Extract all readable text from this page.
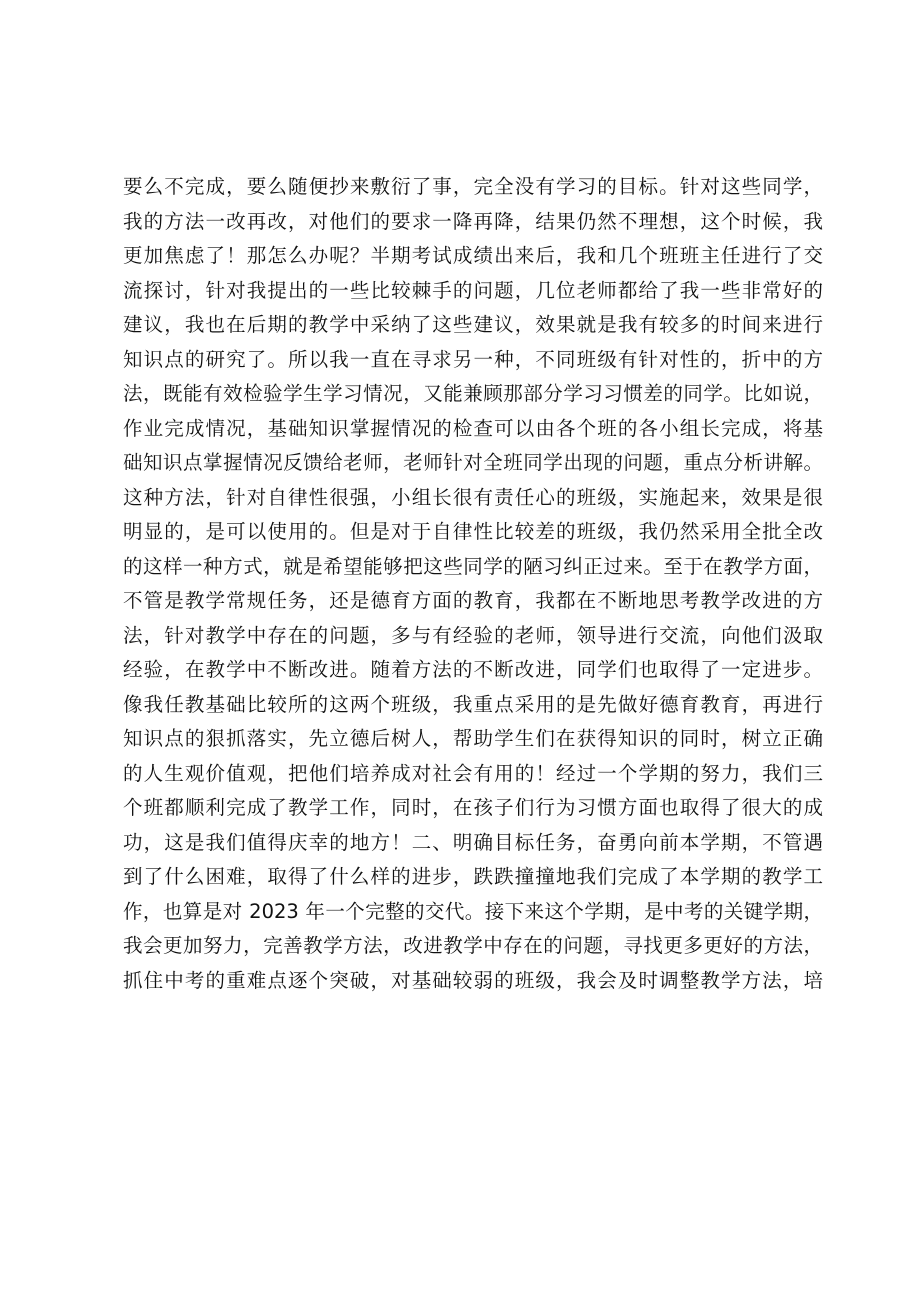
要么不完成，要么随便抄来敷衍了事，完全没有学习的目标。针对这些同学，
我的方法一改再改，对他们的要求一降再降，结果仍然不理想，这个时候，我
更加焦虑了！那怎么办呢？半期考试成绩出来后，我和几个班班主任进行了交
流探讨，针对我提出的一些比较棘手的问题，几位老师都给了我一些非常好的
建议，我也在后期的教学中采纳了这些建议，效果就是我有较多的时间来进行
知识点的研究了。所以我一直在寻求另一种，不同班级有针对性的，折中的方
法，既能有效检验学生学习情况，又能兼顾那部分学习习惯差的同学。比如说，
作业完成情况，基础知识掌握情况的检查可以由各个班的各小组长完成，将基
础知识点掌握情况反馈给老师，老师针对全班同学出现的问题，重点分析讲解。
这种方法，针对自律性很强，小组长很有责任心的班级，实施起来，效果是很
明显的，是可以使用的。但是对于自律性比较差的班级，我仍然采用全批全改
的这样一种方式，就是希望能够把这些同学的陋习纠正过来。至于在教学方面，
不管是教学常规任务，还是德育方面的教育，我都在不断地思考教学改进的方
法，针对教学中存在的问题，多与有经验的老师，领导进行交流，向他们汲取
经验，在教学中不断改进。随着方法的不断改进，同学们也取得了一定进步。
像我任教基础比较所的这两个班级，我重点采用的是先做好德育教育，再进行
知识点的狠抓落实，先立德后树人，帮助学生们在获得知识的同时，树立正确
的人生观价值观，把他们培养成对社会有用的！经过一个学期的努力，我们三
个班都顺利完成了教学工作，同时，在孩子们行为习惯方面也取得了很大的成
功，这是我们值得庆幸的地方！二、明确目标任务，奋勇向前本学期，不管遇
到了什么困难，取得了什么样的进步，跌跌撞撞地我们完成了本学期的教学工
作，也算是对 2023 年一个完整的交代。接下来这个学期，是中考的关键学期，
我会更加努力，完善教学方法，改进教学中存在的问题，寻找更多更好的方法，
抓住中考的重难点逐个突破，对基础较弱的班级，我会及时调整教学方法，培
